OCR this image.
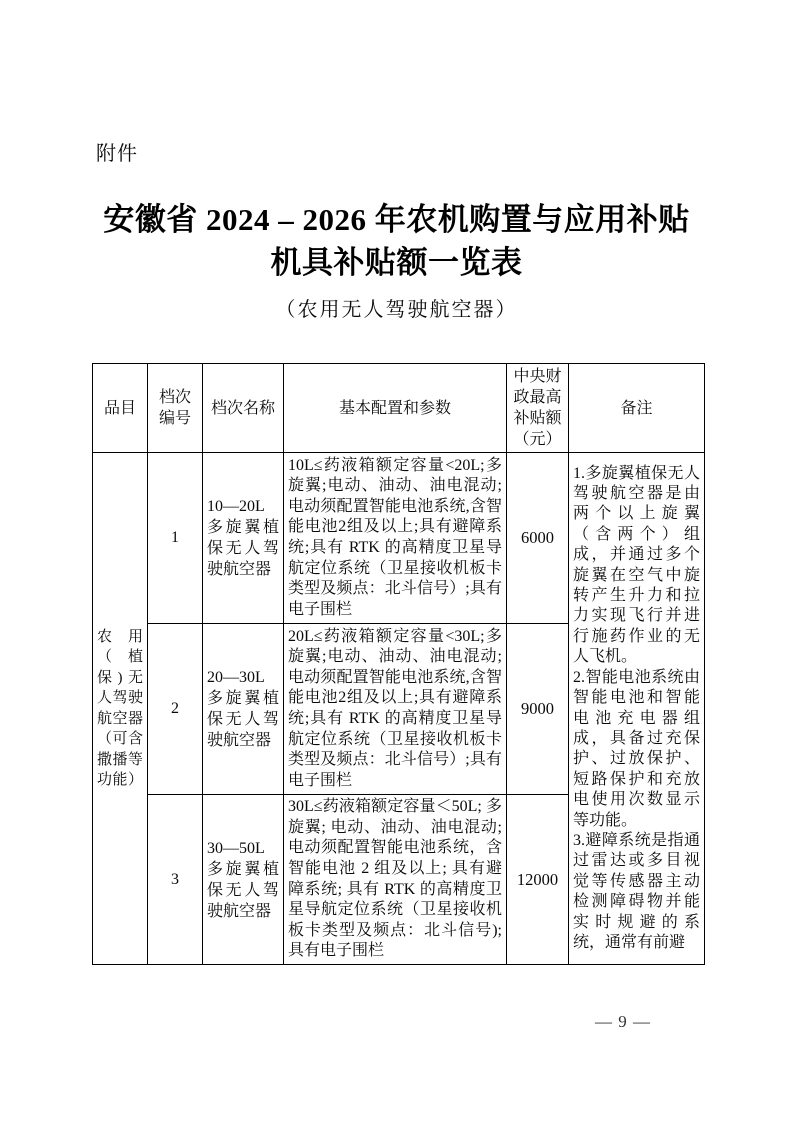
附件
安徽省 2024 – 2026 年农机购置与应用补贴
机具补贴额一览表
（农用无人驾驶航空器）
品目	档次编号	档次名称	基本配置和参数	中央财政最高补贴额（元）	备注

农用（植保)无人驾驶航空器（可含撒播等功能）	1	10—20L多旋翼植保无人驾驶航空器	10L≤药液箱额定容量<20L;多旋翼;电动、油动、油电混动;电动须配置智能电池系统,含智能电池2组及以上;具有避障系统;具有 RTK 的高精度卫星导航定位系统（卫星接收机板卡类型及频点：北斗信号）;具有电子围栏	6000	1.多旋翼植保无人驾驶航空器是由两个以上旋翼（含两个）组成，并通过多个旋翼在空气中旋转产生升力和拉力实现飞行并进行施药作业的无人飞机。

2.智能电池系统由智能电池和智能电池充电器组成，具备过充保护、过放保护、短路保护和充放电使用次数显示等功能。

3.避障系统是指通过雷达或多目视觉等传感器主动检测障碍物并能实时规避的系统，通常有前避

	2	20—30L多旋翼植保无人驾驶航空器	20L≤药液箱额定容量<30L;多旋翼;电动、油动、油电混动;电动须配置智能电池系统,含智能电池2组及以上;具有避障系统;具有 RTK 的高精度卫星导航定位系统（卫星接收机板卡类型及频点：北斗信号）;具有电子围栏	9000	
	3	30—50L多旋翼植保无人驾驶航空器	30L≤药液箱额定容量＜50L; 多旋翼; 电动、油动、油电混动; 电动须配置智能电池系统，含智能电池 2 组及以上; 具有避障系统; 具有 RTK 的高精度卫星导航定位系统（卫星接收机板卡类型及频点：北斗信号); 具有电子围栏	12000	
— 9 —
